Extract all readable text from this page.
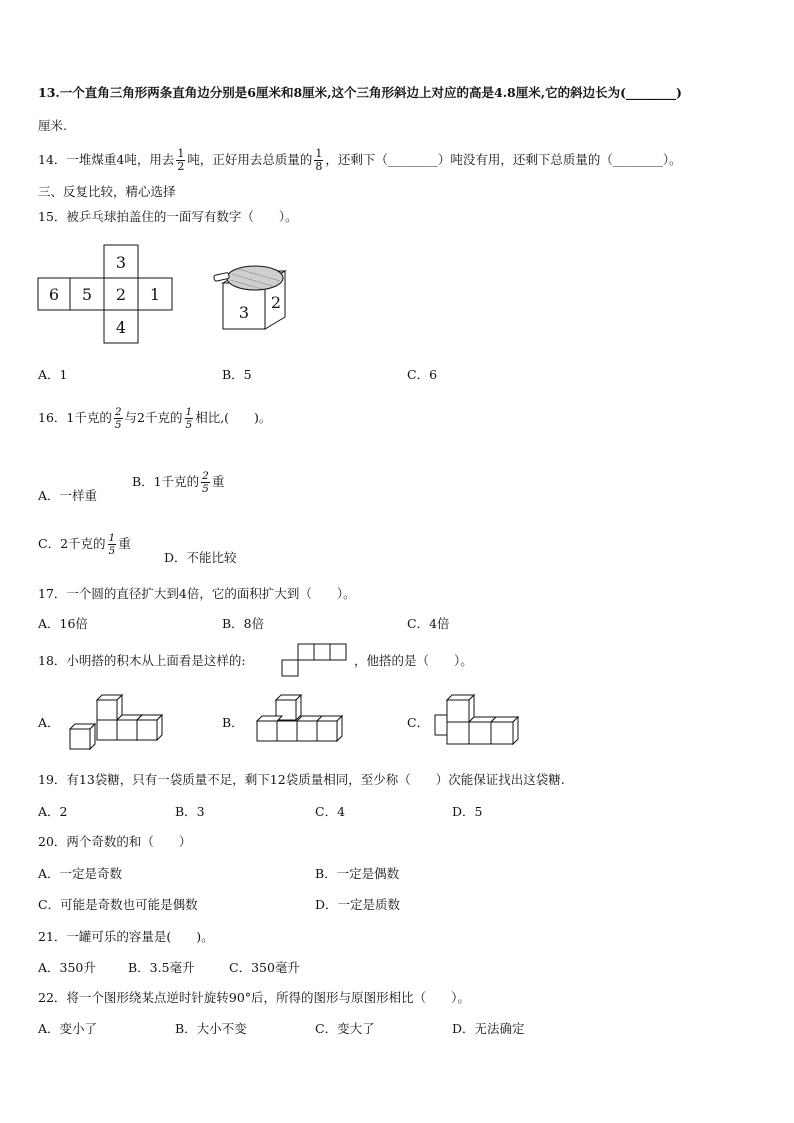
13.一个直角三角形两条直角边分别是6厘米和8厘米,这个三角形斜边上对应的高是4.8厘米,它的斜边长为(________)
厘米.
14．一堆煤重4吨，用去 $\frac{1}{2}$ 吨，正好用去总质量的 $\frac{1}{8}$ ，还剩下（________）吨没有用，还剩下总质量的（________）。
三、反复比较，精心选择
15．被乒乓球拍盖住的一面写有数字（　　）。
3
6 5 2 1
4
3
2
A．1	B．5	C．6
16．1千克的 $\frac{2}{5}$ 与2千克的 $\frac{1}{5}$ 相比,(　　)。
A．一样重
B．1千克的 $\frac{2}{5}$ 重
C．2千克的 $\frac{1}{5}$ 重
D．不能比较
17．一个圆的直径扩大到4倍，它的面积扩大到（　　）。
A．16倍	B．8倍	C．4倍
18．小明搭的积木从上面看是这样的:	，他搭的是（　　）。
A．	B．	C．
19．有13袋糖，只有一袋质量不足，剩下12袋质量相同，至少称（　　）次能保证找出这袋糖.
A．2	B．3	C．4	D．5
20．两个奇数的和（　　）
A．一定是奇数	B．一定是偶数
C．可能是奇数也可能是偶数	D．一定是质数
21．一罐可乐的容量是(　　)。
A．350升	B．3.5毫升	C．350毫升
22．将一个图形绕某点逆时针旋转90°后，所得的图形与原图形相比（　　）。
A．变小了	B．大小不变	C．变大了	D．无法确定
